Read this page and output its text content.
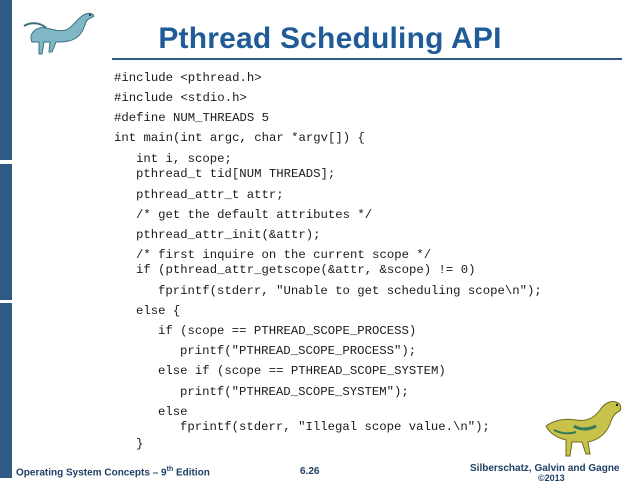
Pthread Scheduling API

#include <pthread.h>

#include <stdio.h>

#define NUM_THREADS 5

int main(int argc, char *argv[]) {

int i, scope;

pthread_t tid[NUM THREADS];

pthread_attr_t attr;

/* get the default attributes */

pthread_attr_init(&attr);

/* first inquire on the current scope */

if (pthread_attr_getscope(&attr, &scope) != 0)

fprintf(stderr, "Unable to get scheduling scope\n");

else {

if (scope == PTHREAD_SCOPE_PROCESS)

printf("PTHREAD_SCOPE_PROCESS");

else if (scope == PTHREAD_SCOPE_SYSTEM)

printf("PTHREAD_SCOPE_SYSTEM");

else

fprintf(stderr, "Illegal scope value.\n");

}

Operating System Concepts – 9th Edition	6.26	Silberschatz, Galvin and Gagne
©2013
